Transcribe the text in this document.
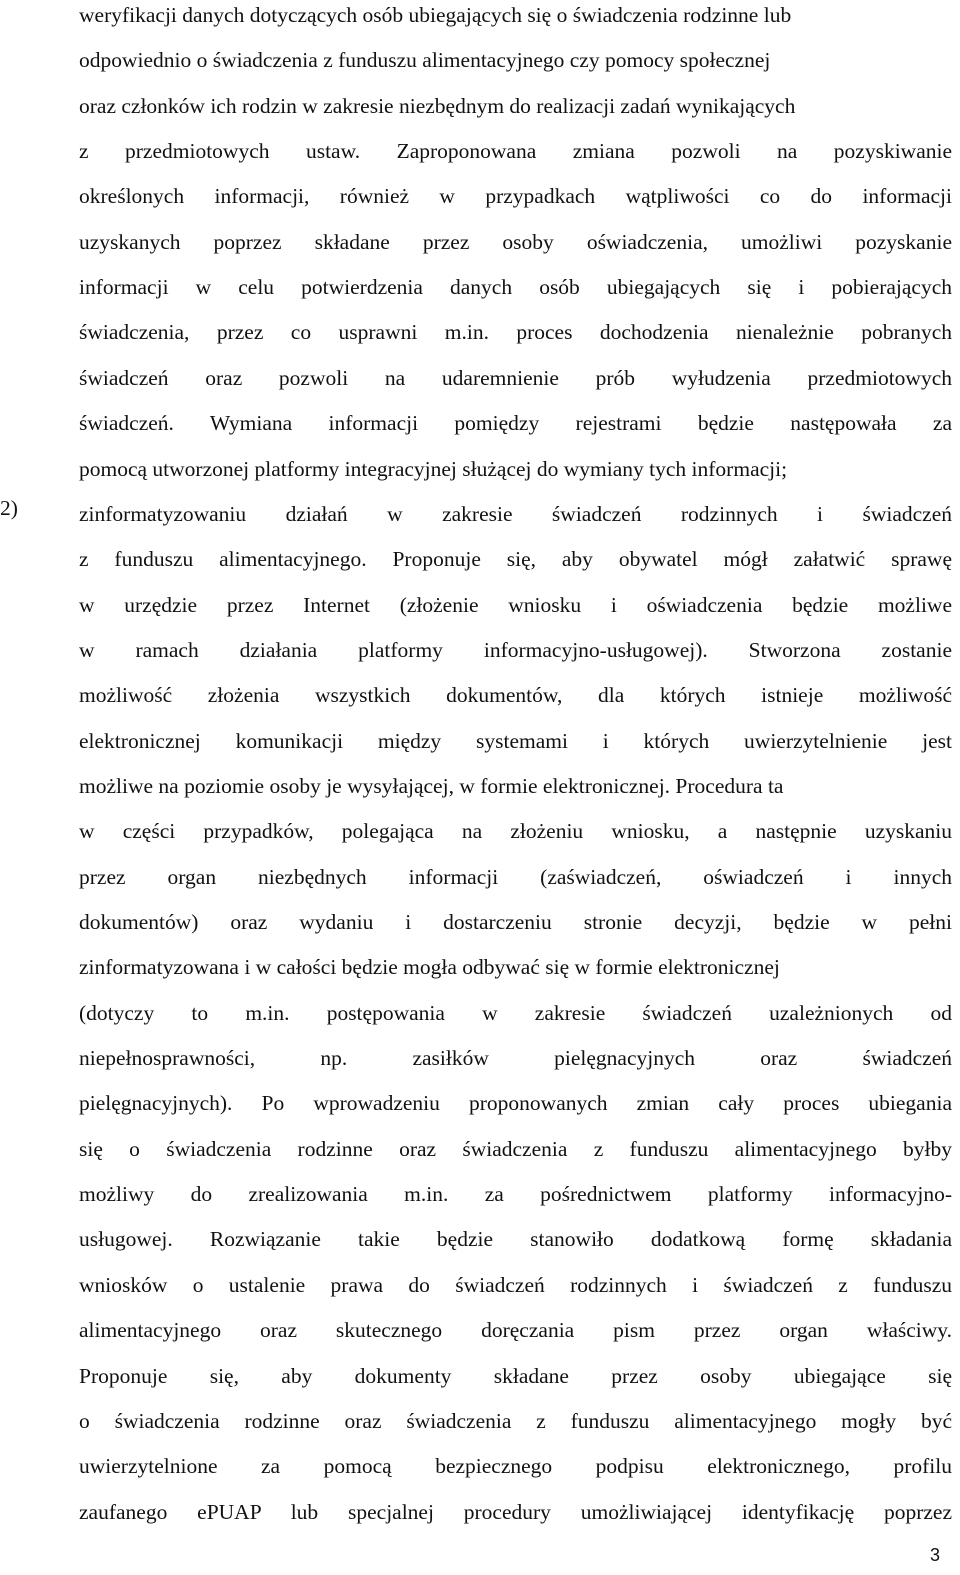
2)
weryfikacji danych dotyczących osób ubiegających się o świadczenia rodzinne lub
odpowiednio o świadczenia z funduszu alimentacyjnego czy pomocy społecznej
oraz członków ich rodzin w zakresie niezbędnym do realizacji zadań wynikających
z przedmiotowych ustaw. Zaproponowana zmiana pozwoli na pozyskiwanie
określonych informacji, również w przypadkach wątpliwości co do informacji
uzyskanych poprzez składane przez osoby oświadczenia, umożliwi pozyskanie
informacji w celu potwierdzenia danych osób ubiegających się i pobierających
świadczenia, przez co usprawni m.in. proces dochodzenia nienależnie pobranych
świadczeń oraz pozwoli na udaremnienie prób wyłudzenia przedmiotowych
świadczeń. Wymiana informacji pomiędzy rejestrami będzie następowała za
pomocą utworzonej platformy integracyjnej służącej do wymiany tych informacji;
zinformatyzowaniu działań w zakresie świadczeń rodzinnych i świadczeń
z funduszu alimentacyjnego. Proponuje się, aby obywatel mógł załatwić sprawę
w urzędzie przez Internet (złożenie wniosku i oświadczenia będzie możliwe
w ramach działania platformy informacyjno-usługowej). Stworzona zostanie
możliwość złożenia wszystkich dokumentów, dla których istnieje możliwość
elektronicznej komunikacji między systemami i których uwierzytelnienie jest
możliwe na poziomie osoby je wysyłającej, w formie elektronicznej. Procedura ta
w części przypadków, polegająca na złożeniu wniosku, a następnie uzyskaniu
przez organ niezbędnych informacji (zaświadczeń, oświadczeń i innych
dokumentów) oraz wydaniu i dostarczeniu stronie decyzji, będzie w pełni
zinformatyzowana i w całości będzie mogła odbywać się w formie elektronicznej
(dotyczy to m.in. postępowania w zakresie świadczeń uzależnionych od
niepełnosprawności, np. zasiłków pielęgnacyjnych oraz świadczeń
pielęgnacyjnych). Po wprowadzeniu proponowanych zmian cały proces ubiegania
się o świadczenia rodzinne oraz świadczenia z funduszu alimentacyjnego byłby
możliwy do zrealizowania m.in. za pośrednictwem platformy informacyjno-
usługowej. Rozwiązanie takie będzie stanowiło dodatkową formę składania
wniosków o ustalenie prawa do świadczeń rodzinnych i świadczeń z funduszu
alimentacyjnego oraz skutecznego doręczania pism przez organ właściwy.
Proponuje się, aby dokumenty składane przez osoby ubiegające się
o świadczenia rodzinne oraz świadczenia z funduszu alimentacyjnego mogły być
uwierzytelnione za pomocą bezpiecznego podpisu elektronicznego, profilu
zaufanego ePUAP lub specjalnej procedury umożliwiającej identyfikację poprzez
3
